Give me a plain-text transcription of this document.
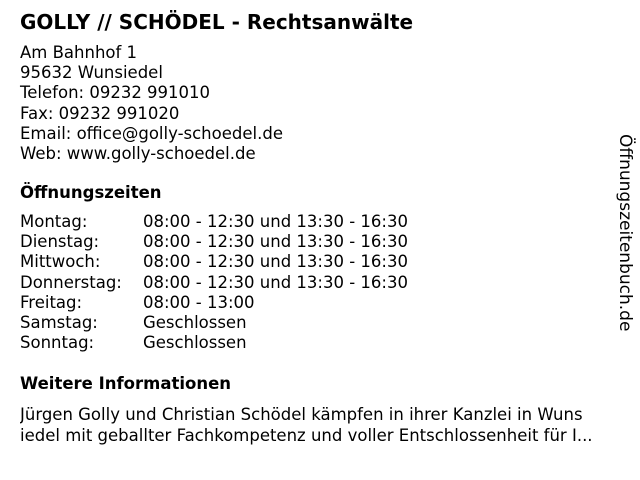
GOLLY // SCHÖDEL - Rechtsanwälte
Am Bahnhof 1
95632 Wunsiedel
Telefon: 09232 991010
Fax: 09232 991020
Email: office@golly-schoedel.de
Web: www.golly-schoedel.de
Öffnungszeiten
Montag:	08:00 - 12:30 und 13:30 - 16:30
Dienstag:	08:00 - 12:30 und 13:30 - 16:30
Mittwoch:	08:00 - 12:30 und 13:30 - 16:30
Donnerstag: 08:00 - 12:30 und 13:30 - 16:30
Freitag:	08:00 - 13:00
Samstag:	Geschlossen
Sonntag:	Geschlossen
Weitere Informationen
Jürgen Golly und Christian Schödel kämpfen in ihrer Kanzlei in Wuns
iedel mit geballter Fachkompetenz und voller Entschlossenheit für I...
Öffnungszeitenbuch.de
